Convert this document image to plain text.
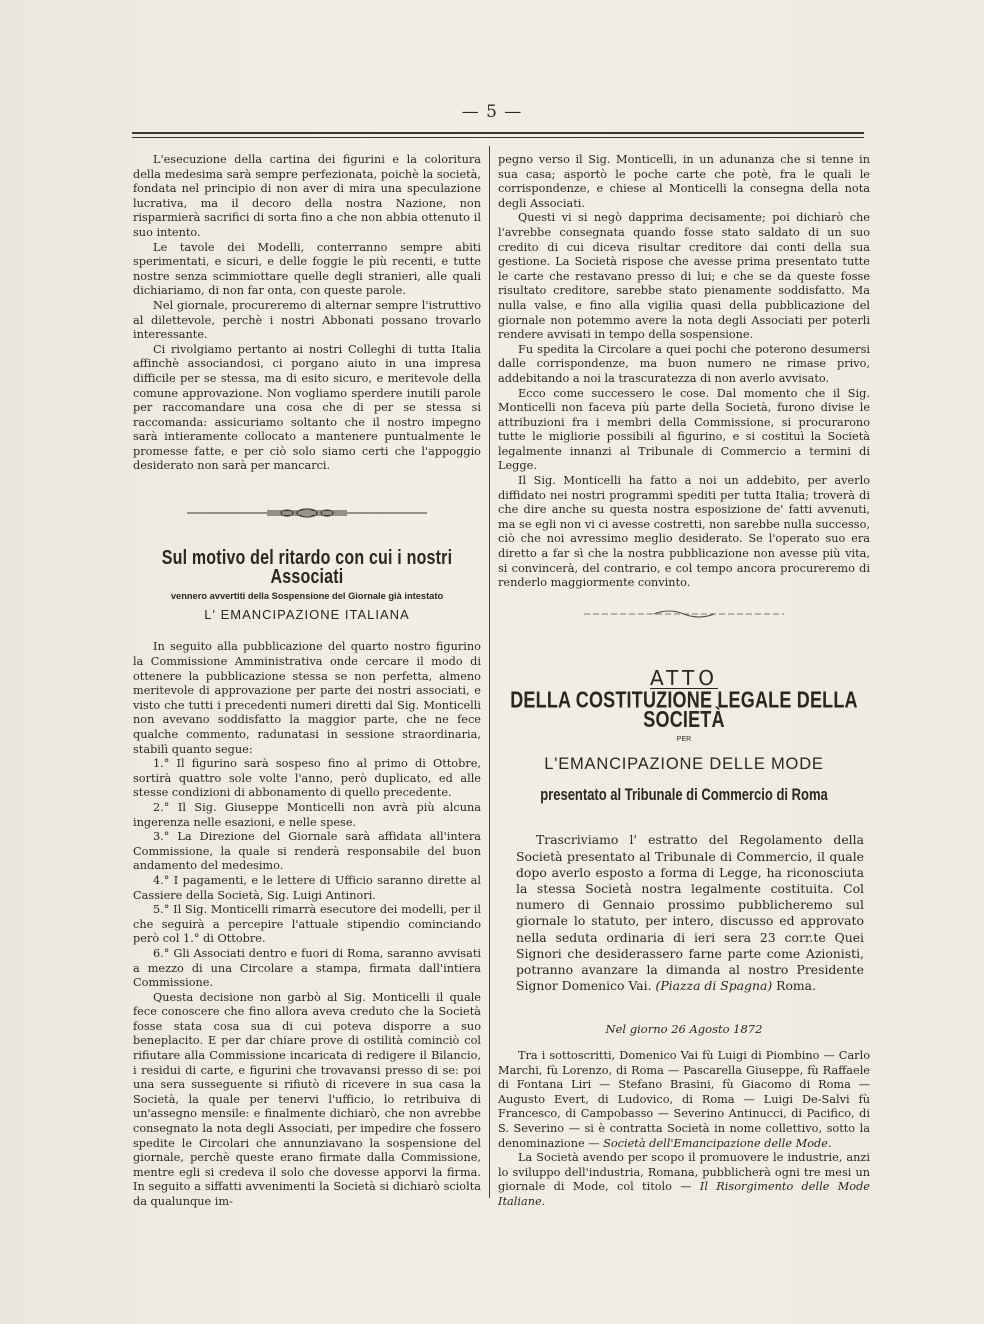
— 5 —

L'esecuzione della cartina dei figurini e la coloritura della medesima sarà sempre perfezionata, poichè la società, fondata nel principio di non aver di mira una speculazione lucrativa, ma il decoro della nostra Nazione, non risparmierà sacrifici di sorta fino a che non abbia ottenuto il suo intento.

Le tavole dei Modelli, conterranno sempre abiti sperimentati, e sicuri, e delle foggie le più recenti, e tutte nostre senza scimmiottare quelle degli stranieri, alle quali dichiariamo, di non far onta, con queste parole.

Nel giornale, procureremo di alternar sempre l'istruttivo al dilettevole, perchè i nostri Abbonati possano trovarlo interessante.

Ci rivolgiamo pertanto ai nostri Colleghi di tutta Italia affinchè associandosi, ci porgano aiuto in una impresa difficile per se stessa, ma di esito sicuro, e meritevole della comune approvazione. Non vogliamo sperdere inutili parole per raccomandare una cosa che di per se stessa si raccomanda: assicuriamo soltanto che il nostro impegno sarà intieramente collocato a mantenere puntualmente le promesse fatte, e per ciò solo siamo certi che l'appoggio desiderato non sarà per mancarci.

Sul motivo del ritardo con cui i nostri Associati
vennero avvertiti della Sospensione del Giornale già intestato
L' EMANCIPAZIONE ITALIANA

In seguito alla pubblicazione del quarto nostro figurino la Commissione Amministrativa onde cercare il modo di ottenere la pubblicazione stessa se non perfetta, almeno meritevole di approvazione per parte dei nostri associati, e visto che tutti i precedenti numeri diretti dal Sig. Monticelli non avevano soddisfatto la maggior parte, che ne fece qualche commento, radunatasi in sessione straordinaria, stabilì quanto segue:

1.° Il figurino sarà sospeso fino al primo di Ottobre, sortirà quattro sole volte l'anno, però duplicato, ed alle stesse condizioni di abbonamento di quello precedente.

2.° Il Sig. Giuseppe Monticelli non avrà più alcuna ingerenza nelle esazioni, e nelle spese.

3.° La Direzione del Giornale sarà affidata all'intera Commissione, la quale si renderà responsabile del buon andamento del medesimo.

4.° I pagamenti, e le lettere di Ufficio saranno dirette al Cassiere della Società, Sig. Luigi Antinori.

5.° Il Sig. Monticelli rimarrà esecutore dei modelli, per il che seguirà a percepire l'attuale stipendio cominciando però col 1.° di Ottobre.

6.° Gli Associati dentro e fuori di Roma, saranno avvisati a mezzo di una Circolare a stampa, firmata dall'intiera Commissione.

Questa decisione non garbò al Sig. Monticelli il quale fece conoscere che fino allora aveva creduto che la Società fosse stata cosa sua di cui poteva disporre a suo beneplacito. E per dar chiare prove di ostilità cominciò col rifiutare alla Commissione incaricata di redigere il Bilancio, i residui di carte, e figurini che trovavansi presso di se: poi una sera susseguente si rifiutò di ricevere in sua casa la Società, la quale per tenervi l'ufficio, lo retribuiva di un'assegno mensile: e finalmente dichiarò, che non avrebbe consegnato la nota degli Associati, per impedire che fossero spedite le Circolari che annunziavano la sospensione del giornale, perchè queste erano firmate dalla Commissione, mentre egli si credeva il solo che dovesse apporvi la firma. In seguito a siffatti avvenimenti la Società si dichiarò sciolta da qualunque im-

pegno verso il Sig. Monticelli, in un adunanza che si tenne in sua casa; asportò le poche carte che potè, fra le quali le corrispondenze, e chiese al Monticelli la consegna della nota degli Associati.

Questi vi si negò dapprima decisamente; poi dichiarò che l'avrebbe consegnata quando fosse stato saldato di un suo credito di cui diceva risultar creditore dai conti della sua gestione. La Società rispose che avesse prima presentato tutte le carte che restavano presso di lui; e che se da queste fosse risultato creditore, sarebbe stato pienamente soddisfatto. Ma nulla valse, e fino alla vigilia quasi della pubblicazione del giornale non potemmo avere la nota degli Associati per poterli rendere avvisati in tempo della sospensione.

Fu spedita la Circolare a quei pochi che poterono desumersi dalle corrispondenze, ma buon numero ne rimase privo, addebitando a noi la trascuratezza di non averlo avvisato.

Ecco come successero le cose. Dal momento che il Sig. Monticelli non faceva più parte della Società, furono divise le attribuzioni fra i membri della Commissione, si procurarono tutte le migliorie possibili al figurino, e si costituì la Società legalmente innanzi al Tribunale di Commercio a termini di Legge.

Il Sig. Monticelli ha fatto a noi un addebito, per averlo diffidato nei nostri programmi spediti per tutta Italia; troverà di che dire anche su questa nostra esposizione de' fatti avvenuti, ma se egli non vi ci avesse costretti, non sarebbe nulla successo, ciò che noi avressimo meglio desiderato. Se l'operato suo era diretto a far sì che la nostra pubblicazione non avesse più vita, si convincerà, del contrario, e col tempo ancora procureremo di renderlo maggiormente convinto.

ATTO
DELLA COSTITUZIONE LEGALE DELLA SOCIETÀ
PER
L'EMANCIPAZIONE DELLE MODE
presentato al Tribunale di Commercio di Roma

Trascriviamo l' estratto del Regolamento della Società presentato al Tribunale di Commercio, il quale dopo averlo esposto a forma di Legge, ha riconosciuta la stessa Società nostra legalmente costituita. Col numero di Gennaio prossimo pubblicheremo sul giornale lo statuto, per intero, discusso ed approvato nella seduta ordinaria di ieri sera 23 corr.te Quei Signori che desiderassero farne parte come Azionisti, potranno avanzare la dimanda al nostro Presidente Signor Domenico Vai. (Piazza di Spagna) Roma.

Nel giorno 26 Agosto 1872

Tra i sottoscritti, Domenico Vai fù Luigi di Piombino — Carlo Marchi, fù Lorenzo, di Roma — Pascarella Giuseppe, fù Raffaele di Fontana Liri — Stefano Brasini, fù Giacomo di Roma — Augusto Evert, di Ludovico, di Roma — Luigi De-Salvi fù Francesco, di Campobasso — Severino Antinucci, di Pacifico, di S. Severino — si è contratta Società in nome collettivo, sotto la denominazione — Società dell'Emancipazione delle Mode.

La Società avendo per scopo il promuovere le industrie, anzi lo sviluppo dell'industria, Romana, pubblicherà ogni tre mesi un giornale di Mode, col titolo — Il Risorgimento delle Mode Italiane.
